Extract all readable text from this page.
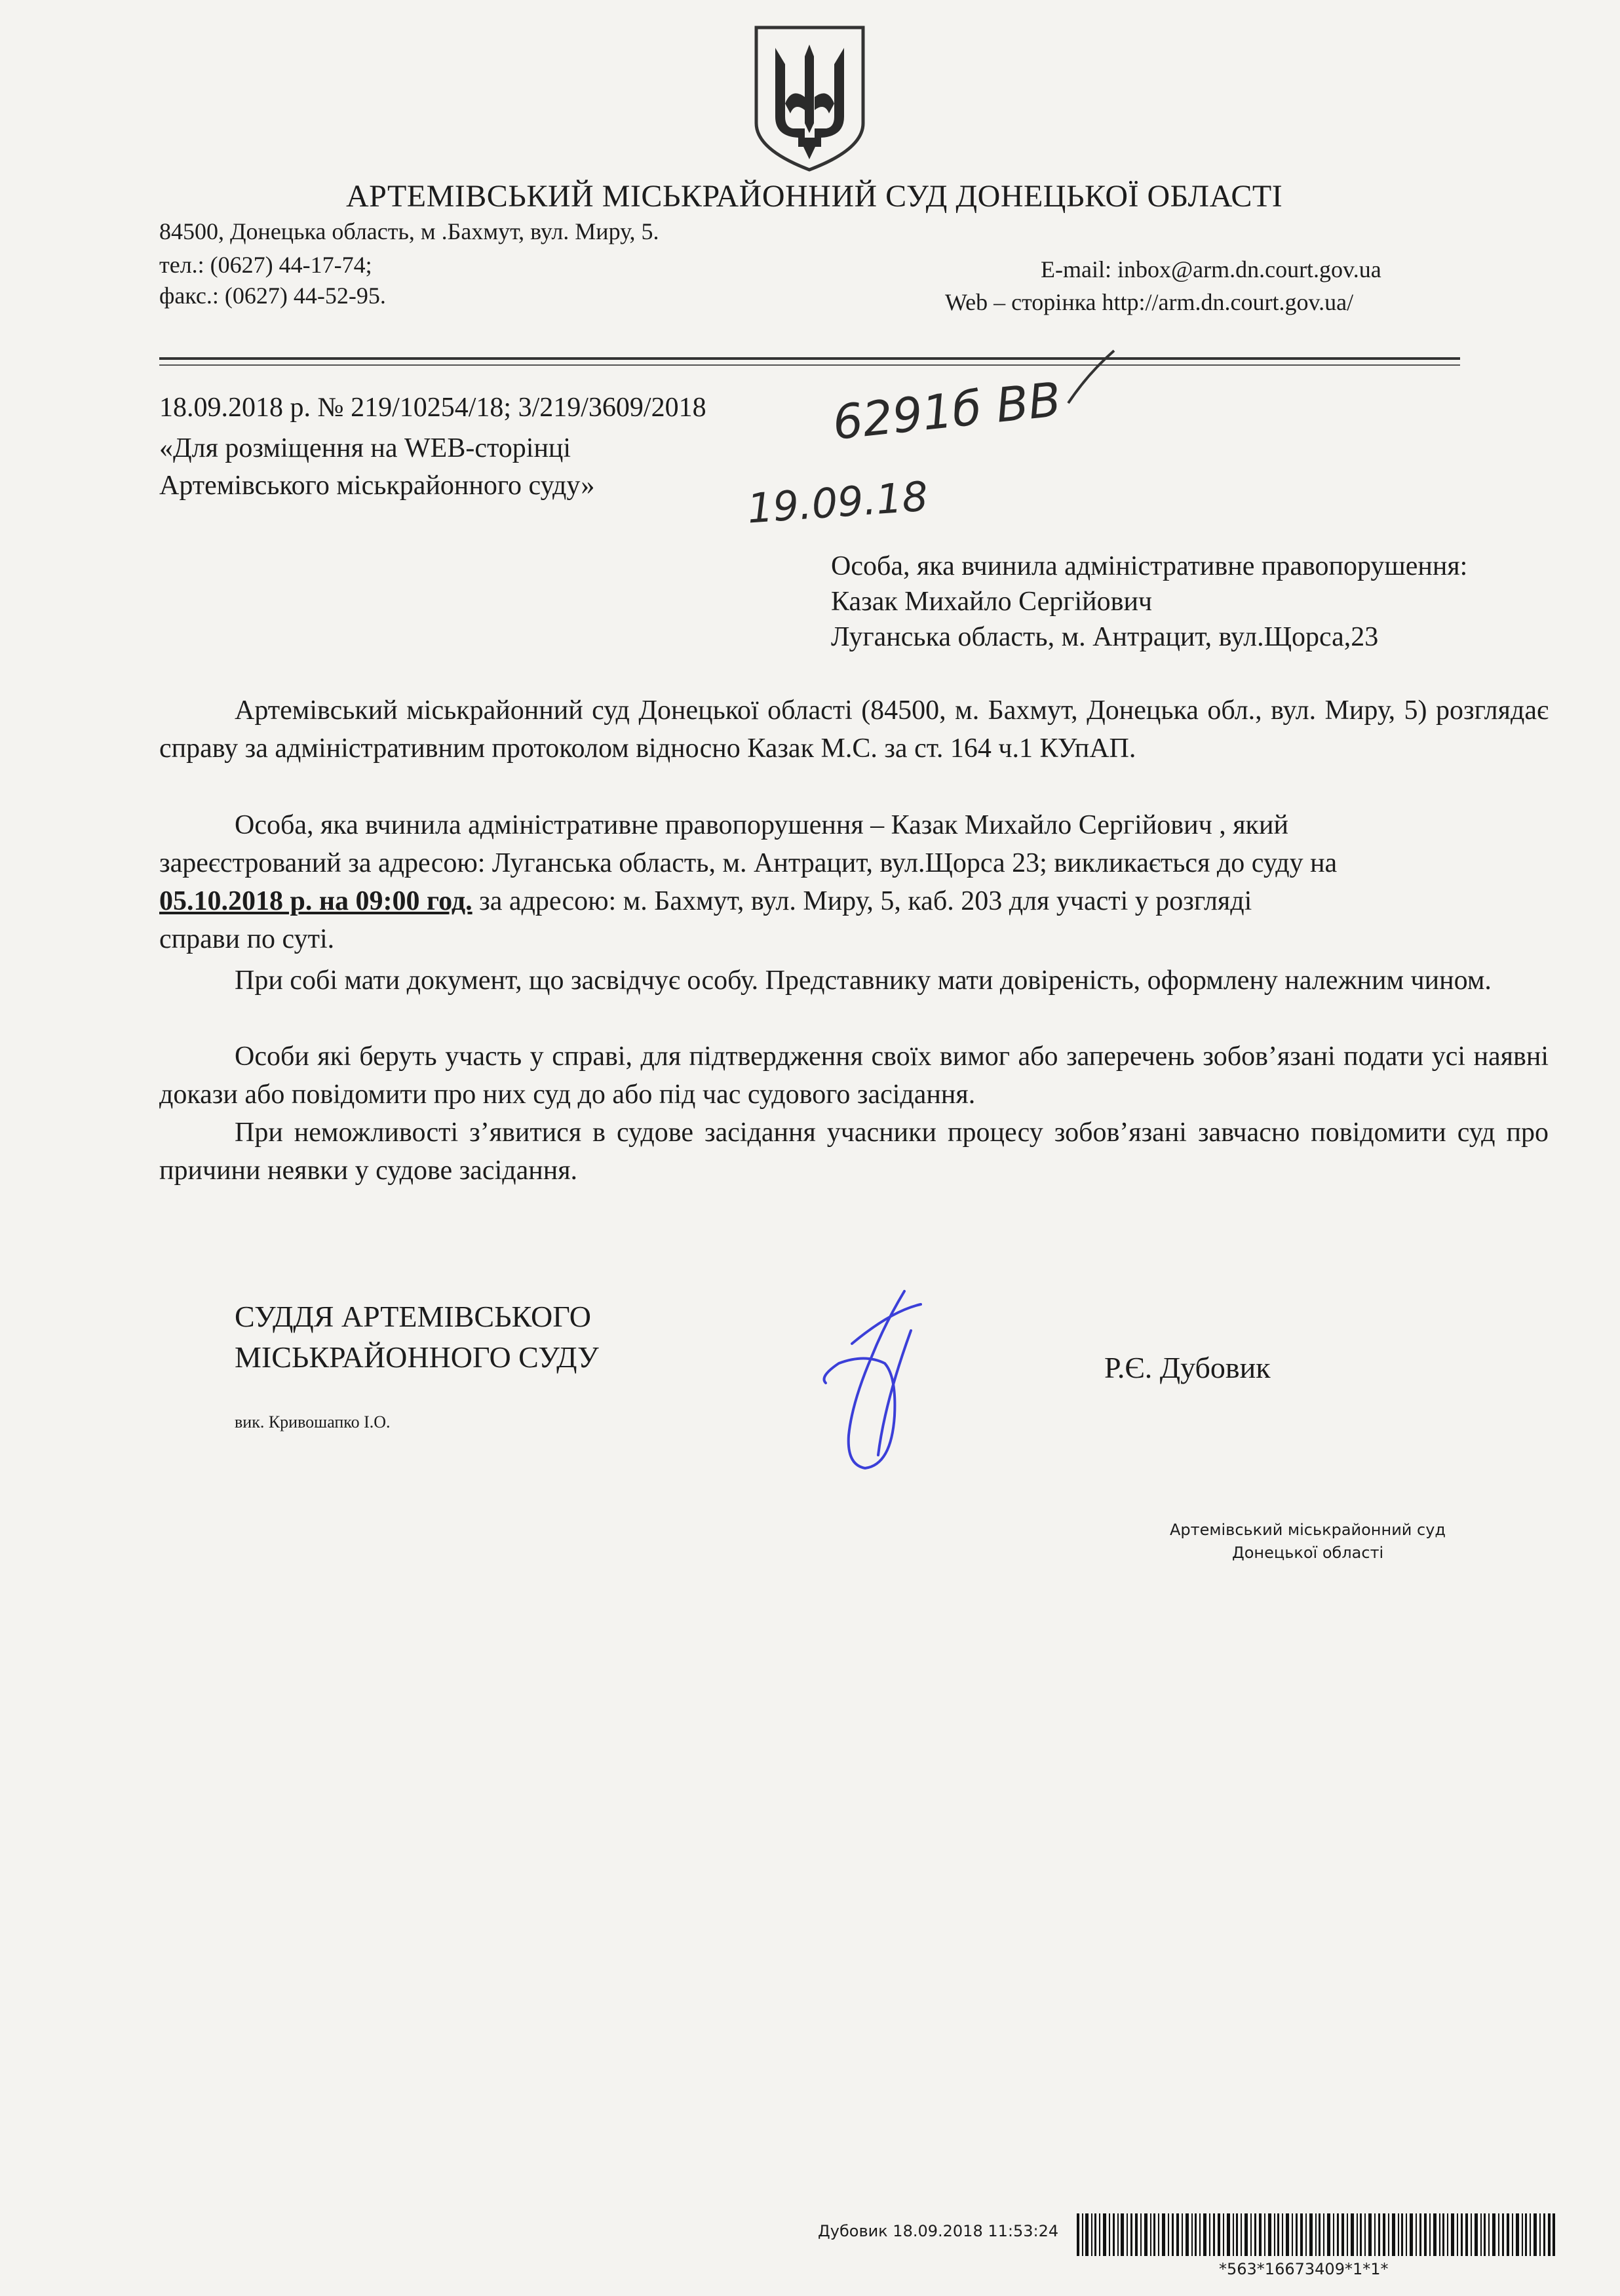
АРТЕМІВСЬКИЙ МІСЬКРАЙОННИЙ СУД ДОНЕЦЬКОЇ ОБЛАСТІ
84500, Донецька область, м .Бахмут, вул. Миру, 5.
тел.: (0627) 44-17-74;
факс.: (0627) 44-52-95.
E-mail: inbox@arm.dn.court.gov.ua
Web – сторінка http://arm.dn.court.gov.ua/
18.09.2018 р. № 219/10254/18; 3/219/3609/2018
«Для розміщення на WEB-сторінці
Артемівського міськрайонного суду»
6291б ВВ
19.09.18
Особа, яка вчинила адміністративне правопорушення:
Казак Михайло Сергійович
Луганська область, м. Антрацит, вул.Щорса,23
Артемівський міськрайонний суд Донецької області (84500, м. Бахмут, Донецька обл., вул. Миру, 5) розглядає справу за адміністративним протоколом відносно Казак М.С. за ст. 164 ч.1 КУпАП.
Особа, яка вчинила адміністративне правопорушення – Казак Михайло Сергійович , який
зареєстрований за адресою: Луганська область, м. Антрацит, вул.Щорса 23; викликається до суду на
05.10.2018 р. на 09:00 год. за адресою: м. Бахмут, вул. Миру, 5, каб. 203 для участі у розгляді
справи по суті.
При собі мати документ, що засвідчує особу. Представнику мати довіреність, оформлену належним чином.
Особи які беруть участь у справі, для підтвердження своїх вимог або заперечень зобов’язані подати усі наявні докази або повідомити про них суд до або під час судового засідання.
При неможливості з’явитися в судове засідання учасники процесу зобов’язані завчасно повідомити суд про причини неявки у судове засідання.
СУДДЯ АРТЕМІВСЬКОГО
МІСЬКРАЙОННОГО СУДУ	Р.Є. Дубовик
вик. Кривошапко І.О.
Артемівський міськрайонний суд
Донецької області
Дубовик 18.09.2018 11:53:24
*563*16673409*1*1*
